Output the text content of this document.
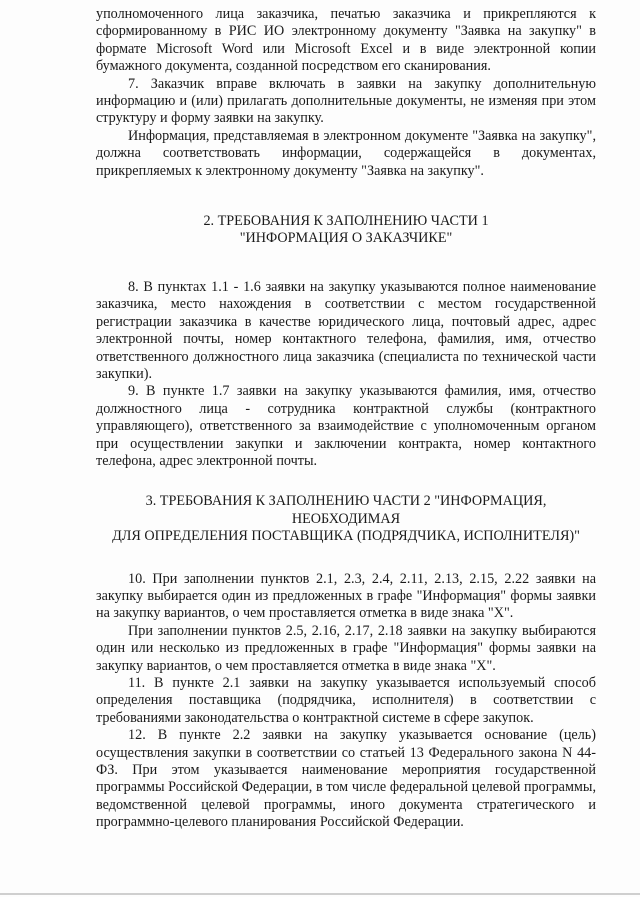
уполномоченного лица заказчика, печатью заказчика и прикрепляются к сформированному в РИС ИО электронному документу "Заявка на закупку" в формате Microsoft Word или Microsoft Excel и в виде электронной копии бумажного документа, созданной посредством его сканирования.

7. Заказчик вправе включать в заявки на закупку дополнительную информацию и (или) прилагать дополнительные документы, не изменяя при этом структуру и форму заявки на закупку.

Информация, представляемая в электронном документе "Заявка на закупку", должна соответствовать информации, содержащейся в документах, прикрепляемых к электронному документу "Заявка на закупку".

2. ТРЕБОВАНИЯ К ЗАПОЛНЕНИЮ ЧАСТИ 1

"ИНФОРМАЦИЯ О ЗАКАЗЧИКЕ"

8. В пунктах 1.1 - 1.6 заявки на закупку указываются полное наименование заказчика, место нахождения в соответствии с местом государственной регистрации заказчика в качестве юридического лица, почтовый адрес, адрес электронной почты, номер контактного телефона, фамилия, имя, отчество ответственного должностного лица заказчика (специалиста по технической части закупки).

9. В пункте 1.7 заявки на закупку указываются фамилия, имя, отчество должностного лица - сотрудника контрактной службы (контрактного управляющего), ответственного за взаимодействие с уполномоченным органом при осуществлении закупки и заключении контракта, номер контактного телефона, адрес электронной почты.

3. ТРЕБОВАНИЯ К ЗАПОЛНЕНИЮ ЧАСТИ 2 "ИНФОРМАЦИЯ,

НЕОБХОДИМАЯ

ДЛЯ ОПРЕДЕЛЕНИЯ ПОСТАВЩИКА (ПОДРЯДЧИКА, ИСПОЛНИТЕЛЯ)"

10. При заполнении пунктов 2.1, 2.3, 2.4, 2.11, 2.13, 2.15, 2.22 заявки на закупку выбирается один из предложенных в графе "Информация" формы заявки на закупку вариантов, о чем проставляется отметка в виде знака "X".

При заполнении пунктов 2.5, 2.16, 2.17, 2.18 заявки на закупку выбираются один или несколько из предложенных в графе "Информация" формы заявки на закупку вариантов, о чем проставляется отметка в виде знака "X".

11. В пункте 2.1 заявки на закупку указывается используемый способ определения поставщика (подрядчика, исполнителя) в соответствии с требованиями законодательства о контрактной системе в сфере закупок.

12. В пункте 2.2 заявки на закупку указывается основание (цель) осуществления закупки в соответствии со статьей 13 Федерального закона N 44-ФЗ. При этом указывается наименование мероприятия государственной программы Российской Федерации, в том числе федеральной целевой программы, ведомственной целевой программы, иного документа стратегического и программно-целевого планирования Российской Федерации.
